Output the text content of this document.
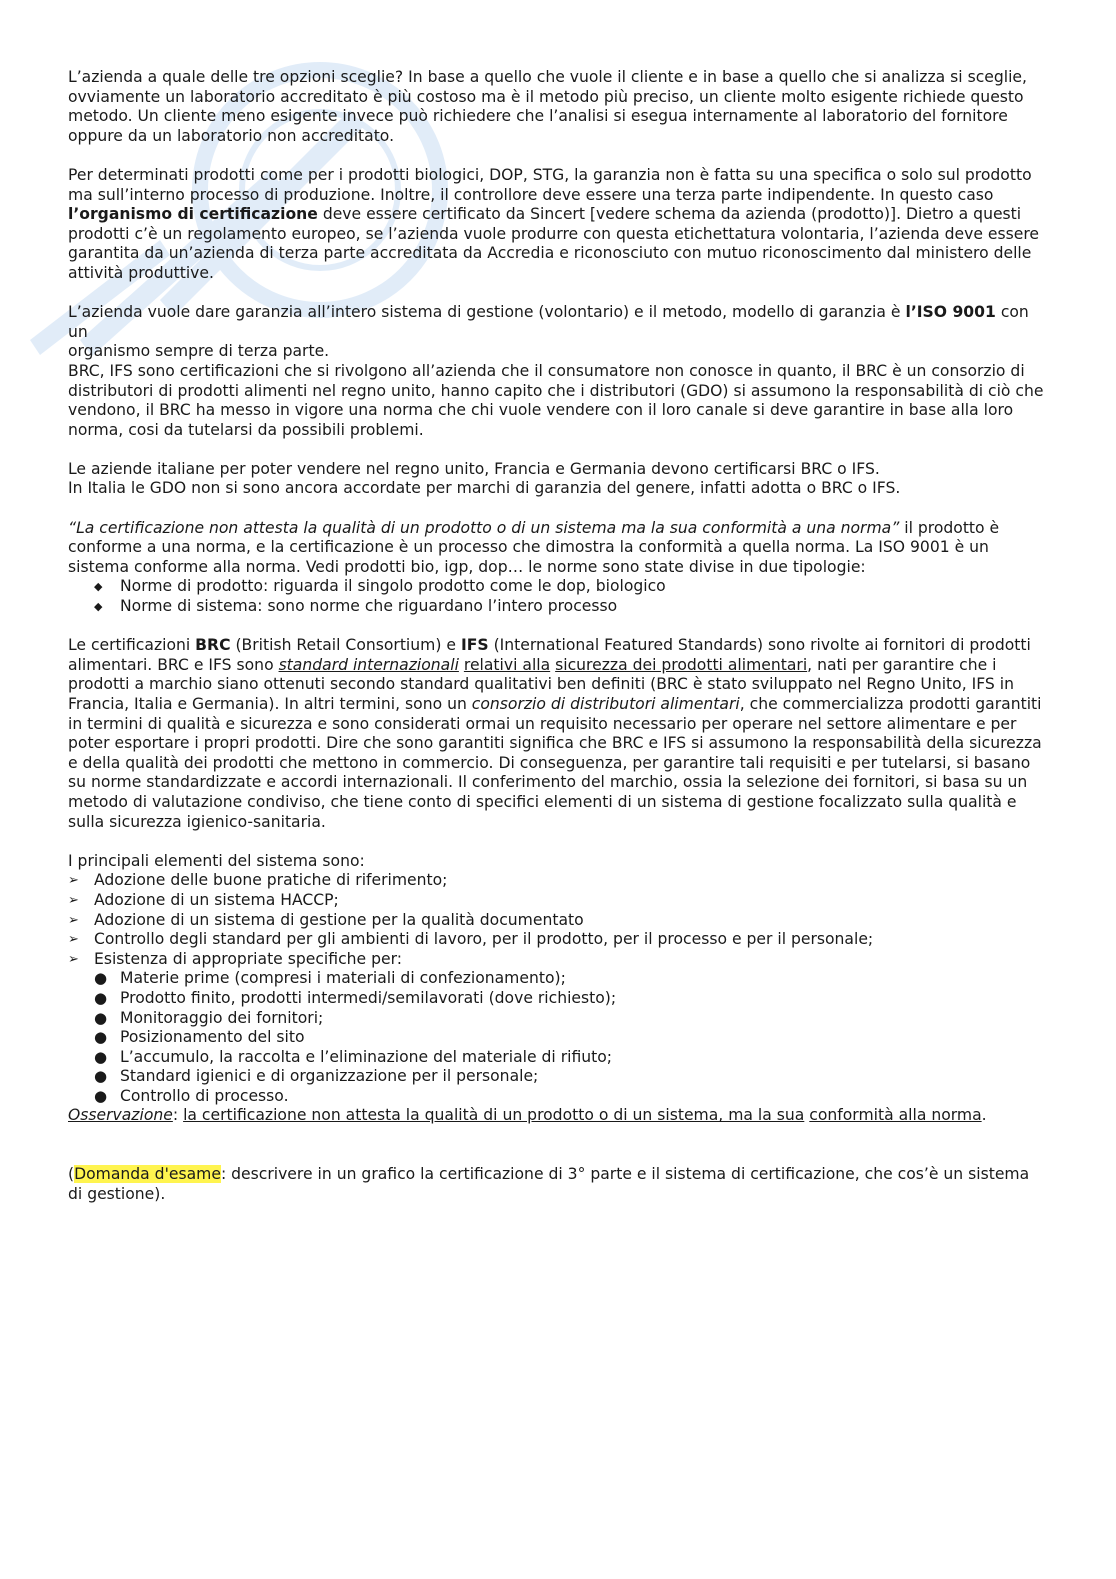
L’azienda a quale delle tre opzioni sceglie? In base a quello che vuole il cliente e in base a quello che si analizza si sceglie, ovviamente un laboratorio accreditato è più costoso ma è il metodo più preciso, un cliente molto esigente richiede questo metodo. Un cliente meno esigente invece può richiedere che l’analisi si esegua internamente al laboratorio del fornitore oppure da un laboratorio non accreditato.

Per determinati prodotti come per i prodotti biologici, DOP, STG, la garanzia non è fatta su una specifica o solo sul prodotto ma sull’interno processo di produzione. Inoltre, il controllore deve essere una terza parte indipendente. In questo caso l’organismo di certificazione deve essere certificato da Sincert [vedere schema da azienda (prodotto)]. Dietro a questi prodotti c’è un regolamento europeo, se l’azienda vuole produrre con questa etichettatura volontaria, l’azienda deve essere garantita da un’azienda di terza parte accreditata da Accredia e riconosciuto con mutuo riconoscimento dal ministero delle attività produttive.

L’azienda vuole dare garanzia all’intero sistema di gestione (volontario) e il metodo, modello di garanzia è l’ISO 9001 con un

organismo sempre di terza parte.

BRC, IFS sono certificazioni che si rivolgono all’azienda che il consumatore non conosce in quanto, il BRC è un consorzio di distributori di prodotti alimenti nel regno unito, hanno capito che i distributori (GDO) si assumono la responsabilità di ciò che vendono, il BRC ha messo in vigore una norma che chi vuole vendere con il loro canale si deve garantire in base alla loro norma, cosi da tutelarsi da possibili problemi.

Le aziende italiane per poter vendere nel regno unito, Francia e Germania devono certificarsi BRC o IFS.

In Italia le GDO non si sono ancora accordate per marchi di garanzia del genere, infatti adotta o BRC o IFS.

“La certificazione non attesta la qualità di un prodotto o di un sistema ma la sua conformità a una norma” il prodotto è conforme a una norma, e la certificazione è un processo che dimostra la conformità a quella norma. La ISO 9001 è un sistema conforme alla norma. Vedi prodotti bio, igp, dop… le norme sono state divise in due tipologie:

◆ Norme di prodotto: riguarda il singolo prodotto come le dop, biologico
◆ Norme di sistema: sono norme che riguardano l’intero processo

Le certificazioni BRC (British Retail Consortium) e IFS (International Featured Standards) sono rivolte ai fornitori di prodotti alimentari. BRC e IFS sono standard internazionali relativi alla sicurezza dei prodotti alimentari, nati per garantire che i prodotti a marchio siano ottenuti secondo standard qualitativi ben definiti (BRC è stato sviluppato nel Regno Unito, IFS in Francia, Italia e Germania). In altri termini, sono un consorzio di distributori alimentari, che commercializza prodotti garantiti in termini di qualità e sicurezza e sono considerati ormai un requisito necessario per operare nel settore alimentare e per poter esportare i propri prodotti. Dire che sono garantiti significa che BRC e IFS si assumono la responsabilità della sicurezza e della qualità dei prodotti che mettono in commercio. Di conseguenza, per garantire tali requisiti e per tutelarsi, si basano su norme standardizzate e accordi internazionali. Il conferimento del marchio, ossia la selezione dei fornitori, si basa su un metodo di valutazione condiviso, che tiene conto di specifici elementi di un sistema di gestione focalizzato sulla qualità e sulla sicurezza igienico-sanitaria.

I principali elementi del sistema sono:

➢ Adozione delle buone pratiche di riferimento;
➢ Adozione di un sistema HACCP;
➢ Adozione di un sistema di gestione per la qualità documentato
➢ Controllo degli standard per gli ambienti di lavoro, per il prodotto, per il processo e per il personale;
➢ Esistenza di appropriate specifiche per:
● Materie prime (compresi i materiali di confezionamento);
● Prodotto finito, prodotti intermedi/semilavorati (dove richiesto);
● Monitoraggio dei fornitori;
● Posizionamento del sito
● L’accumulo, la raccolta e l’eliminazione del materiale di rifiuto;
● Standard igienici e di organizzazione per il personale;
● Controllo di processo.

Osservazione: la certificazione non attesta la qualità di un prodotto o di un sistema, ma la sua conformità alla norma.

(Domanda d'esame: descrivere in un grafico la certificazione di 3° parte e il sistema di certificazione, che cos’è un sistema di gestione).
